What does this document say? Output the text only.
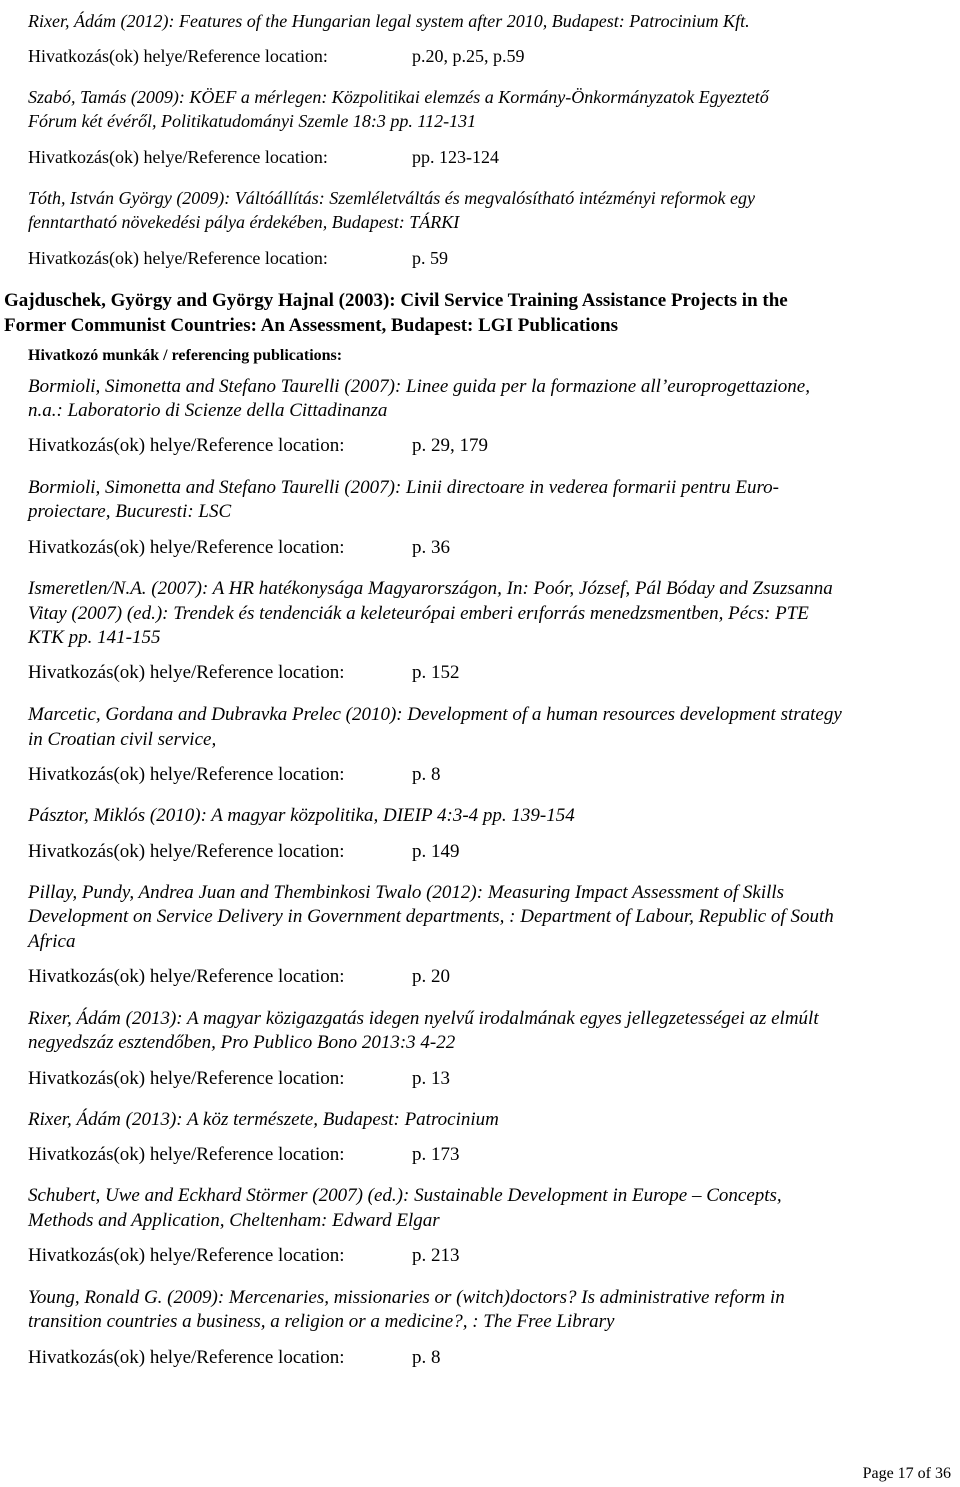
Rixer, Ádám (2012): Features of the Hungarian legal system after 2010, Budapest: Patrocinium Kft.
Hivatkozás(ok) helye/Reference location:	p.20, p.25, p.59
Szabó, Tamás (2009): KÖEF a mérlegen: Közpolitikai elemzés a Kormány-Önkormányzatok Egyeztető
Fórum két évéről, Politikatudományi Szemle 18:3 pp. 112-131
Hivatkozás(ok) helye/Reference location:	pp. 123-124
Tóth, István György (2009): Váltóállítás: Szemléletváltás és megvalósítható intézményi reformok egy
fenntartható növekedési pálya érdekében, Budapest: TÁRKI
Hivatkozás(ok) helye/Reference location:	p. 59
Gajduschek, György and György Hajnal (2003): Civil Service Training Assistance Projects in the
Former Communist Countries: An Assessment, Budapest: LGI Publications
Hivatkozó munkák / referencing publications:
Bormioli, Simonetta and Stefano Taurelli (2007): Linee guida per la formazione all’europrogettazione,
n.a.: Laboratorio di Scienze della Cittadinanza
Hivatkozás(ok) helye/Reference location:	p. 29, 179
Bormioli, Simonetta and Stefano Taurelli (2007): Linii directoare in vederea formarii pentru Euro-
proiectare, Bucuresti: LSC
Hivatkozás(ok) helye/Reference location:	p. 36
Ismeretlen/N.A. (2007): A HR hatékonysága Magyarországon, In: Poór, József, Pál Bóday and Zsuzsanna
Vitay (2007) (ed.): Trendek és tendenciák a keleteurópai emberi erıforrás menedzsmentben, Pécs: PTE
KTK pp. 141-155
Hivatkozás(ok) helye/Reference location:	p. 152
Marcetic, Gordana and Dubravka Prelec (2010): Development of a human resources development strategy
in Croatian civil service,
Hivatkozás(ok) helye/Reference location:	p. 8
Pásztor, Miklós (2010): A magyar közpolitika, DIEIP 4:3-4 pp. 139-154
Hivatkozás(ok) helye/Reference location:	p. 149
Pillay, Pundy, Andrea Juan and Thembinkosi Twalo (2012): Measuring Impact Assessment of Skills
Development on Service Delivery in Government departments, : Department of Labour, Republic of South
Africa
Hivatkozás(ok) helye/Reference location:	p. 20
Rixer, Ádám (2013): A magyar közigazgatás idegen nyelvű irodalmának egyes jellegzetességei az elmúlt
negyedszáz esztendőben, Pro Publico Bono 2013:3 4-22
Hivatkozás(ok) helye/Reference location:	p. 13
Rixer, Ádám (2013): A köz természete, Budapest: Patrocinium
Hivatkozás(ok) helye/Reference location:	p. 173
Schubert, Uwe and Eckhard Störmer (2007) (ed.): Sustainable Development in Europe – Concepts,
Methods and Application, Cheltenham: Edward Elgar
Hivatkozás(ok) helye/Reference location:	p. 213
Young, Ronald G. (2009): Mercenaries, missionaries or (witch)doctors? Is administrative reform in
transition countries a business, a religion or a medicine?, : The Free Library
Hivatkozás(ok) helye/Reference location:	p. 8
Page 17 of 36
